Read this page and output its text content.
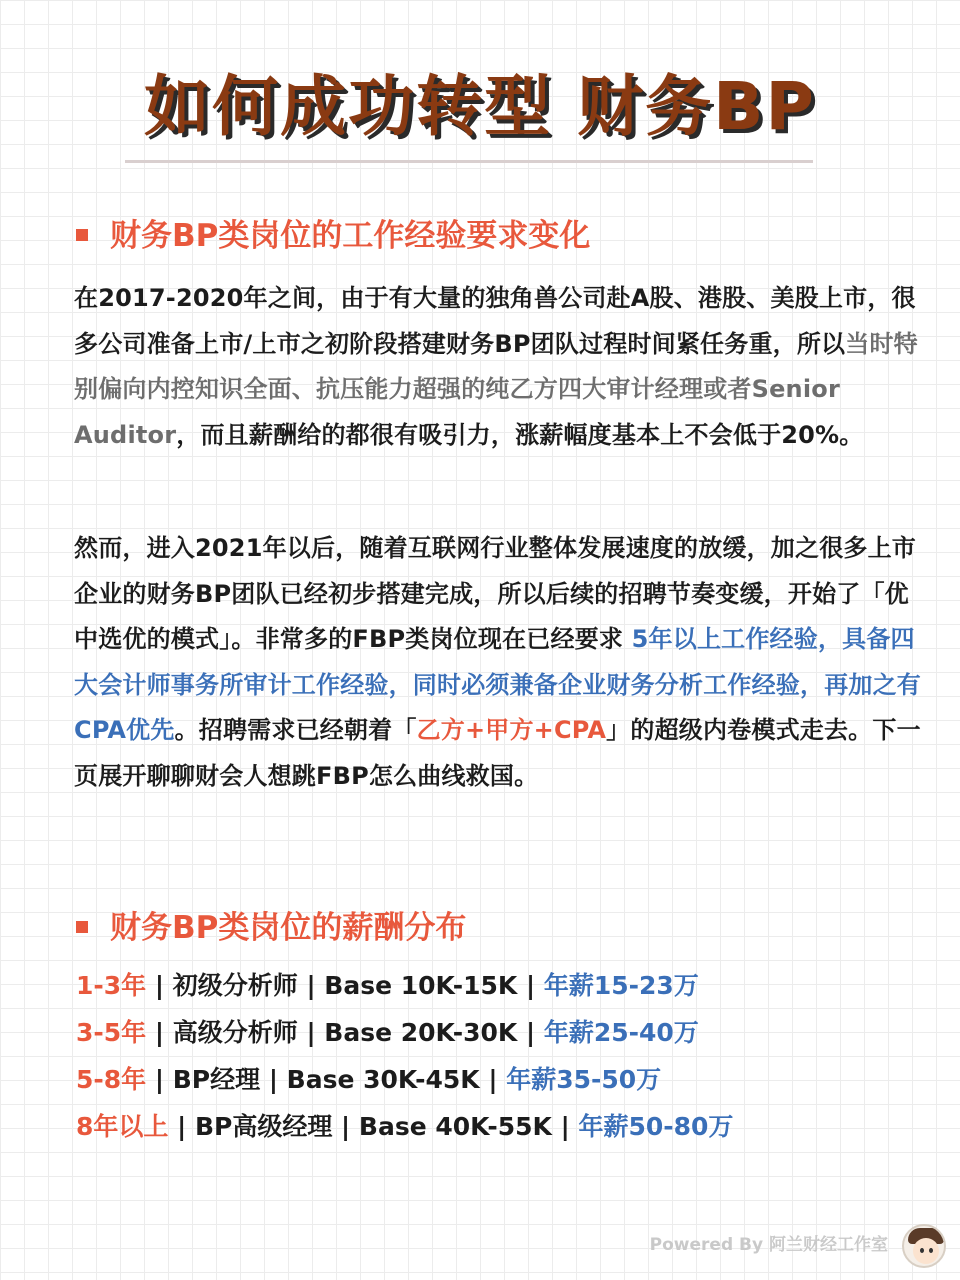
如何成功转型 财务BP
财务BP类岗位的工作经验要求变化
在2017-2020年之间，由于有大量的独角兽公司赴A股、港股、美股上市，很多公司准备上市/上市之初阶段搭建财务BP团队过程时间紧任务重，所以当时特别偏向内控知识全面、抗压能力超强的纯乙方四大审计经理或者Senior Auditor，而且薪酬给的都很有吸引力，涨薪幅度基本上不会低于20%。
然而，进入2021年以后，随着互联网行业整体发展速度的放缓，加之很多上市企业的财务BP团队已经初步搭建完成，所以后续的招聘节奏变缓，开始了「优中选优的模式」。非常多的FBP类岗位现在已经要求 5年以上工作经验，具备四大会计师事务所审计工作经验，同时必须兼备企业财务分析工作经验，再加之有CPA优先。招聘需求已经朝着「乙方+甲方+CPA」的超级内卷模式走去。下一页展开聊聊财会人想跳FBP怎么曲线救国。
财务BP类岗位的薪酬分布
1-3年 | 初级分析师 | Base 10K-15K | 年薪15-23万
3-5年 | 高级分析师 | Base 20K-30K | 年薪25-40万
5-8年 | BP经理 | Base 30K-45K | 年薪35-50万
8年以上 | BP高级经理 | Base 40K-55K | 年薪50-80万
Powered By 阿兰财经工作室
